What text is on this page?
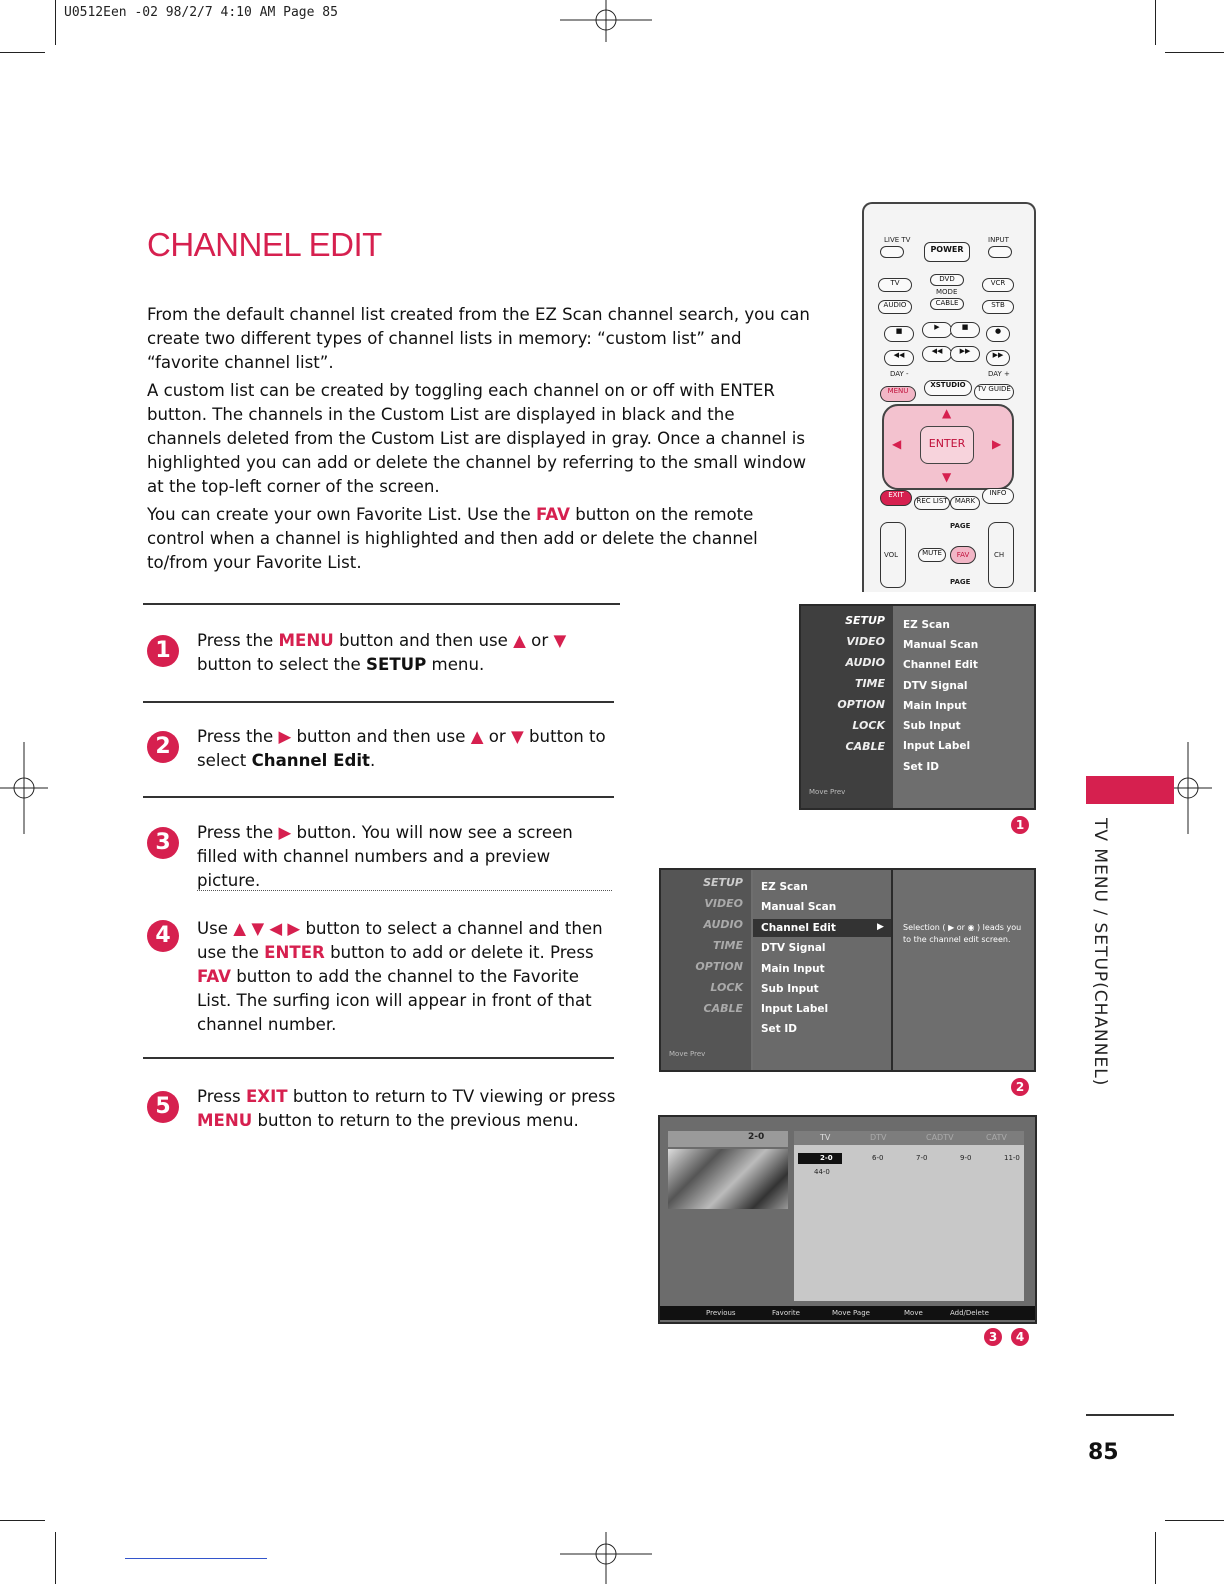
U0512Een -02 98/2/7 4:10 AM Page 85
CHANNEL EDIT

From the default channel list created from the EZ Scan channel search, you can create two different types of channel lists in memory: “custom list” and “favorite channel list”.

A custom list can be created by toggling each channel on or off with ENTER button. The channels in the Custom List are displayed in black and the channels deleted from the Custom List are displayed in gray. Once a channel is highlighted you can add or delete the channel by referring to the small window at the top-left corner of the screen.

You can create your own Favorite List. Use the FAV button on the remote control when a channel is highlighted and then add or delete the channel to/from your Favorite List.

1	Press the MENU button and then use ▲ or ▼ button to select the SETUP menu.
2	Press the ▶ button and then use ▲ or ▼ button to select Channel Edit.
3	Press the ▶ button. You will now see a screen filled with channel numbers and a preview picture.
4	Use ▲ ▼ ◀ ▶ button to select a channel and then use the ENTER button to add or delete it. Press FAV button to add the channel to the Favorite List. The surfing icon will appear in front of that channel number.
5	Press EXIT button to return to TV viewing or press MENU button to return to the previous menu.
LIVE TV	INPUT
POWER
TV	DVD	VCR
MODE
AUDIO	CABLE	STB
■	▶	■	●
◀◀	◀◀	▶▶	▶▶
DAY -	DAY +
MENU
XSTUDIO	TV GUIDE
▲
▼
◀	▶
ENTER
EXIT
REC LIST	MARK
INFO
VOL	CH
PAGE
MUTE	FAV
PAGE
SETUP
VIDEO
AUDIO
TIME
OPTION
LOCK
CABLE
Move Prev
EZ Scan
Manual Scan
Channel Edit
DTV Signal
Main Input
Sub Input
Input Label
Set ID
1
SETUP
VIDEO
AUDIO
TIME
OPTION
LOCK
CABLE
Move Prev
EZ Scan
Manual Scan
Channel Edit	▶
DTV Signal
Main Input
Sub Input
Input Label
Set ID
Selection ( ▶ or ◉ ) leads you to the channel edit screen.
2
2-0	TV	DTV	CADTV	CATV
2-0	6-0	7-0	9-0	11-0
44-0
Previous	Favorite	Move Page	Move	Add/Delete
3	4
TV MENU / SETUP(CHANNEL)
85
